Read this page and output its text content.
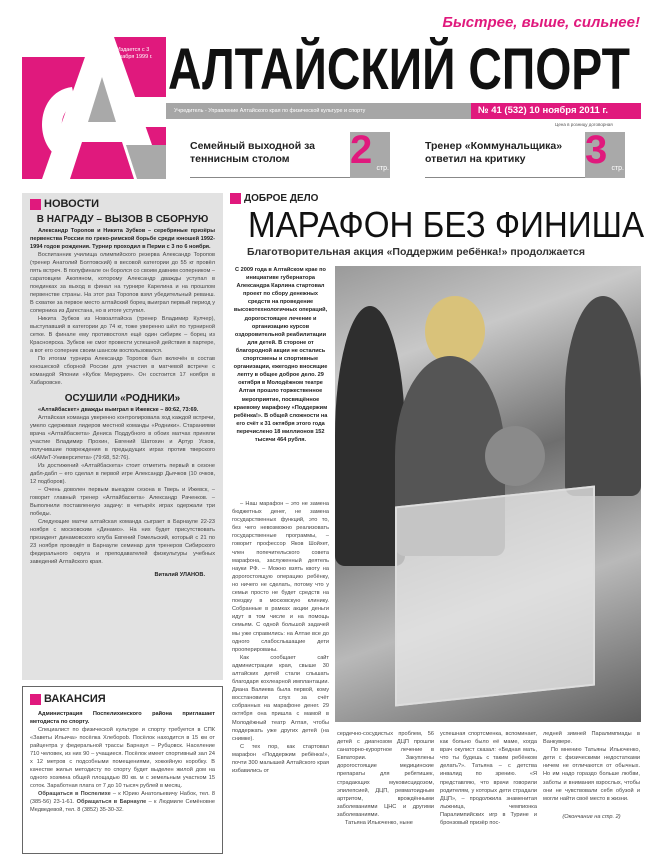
Быстрее, выше, сильнее!
Издается с 3 декабря 1999 г. АЛТАЙСКИЙ СПОРТ
Учредитель - Управление Алтайского края по физической культуре и спорту	№ 41 (532) 10 ноября 2011 г.
Цена в розницу договорная
Семейный выходной за теннисным столом	2 стр.
Тренер «Коммунальщика» ответил на критику	3 стр.
НОВОСТИ
В НАГРАДУ – ВЫЗОВ В СБОРНУЮ

Александр Торопов и Никита Зубков – серебряные призёры первенства России по греко-римской борьбе среди юношей 1992-1994 годов рождения. Турнир проходил в Перми с 3 по 6 ноября.

Воспитанник училища олимпийского резерва Александр Торопов (тренер Анатолий Болтовский) в весовой категории до 55 кг провёл пять встреч. В полуфинале он боролся со своим давним соперником – саратовцем Акопяном, которому Александр дважды уступал в поединках за выход в финал на турнире Карелина и на прошлом первенстве страны. На этот раз Торопов взял убедительный реванш. В схватке за первое место алтайский борец выиграл первый период у соперника из Дагестана, но в итоге уступил.

Никита Зубков из Новоалтайска (тренер Владимир Кулчер), выступавший в категории до 74 кг, тоже уверенно шёл по турнирной сетке. В финале ему противостоял ещё один сибиряк – борец из Красноярска. Зубков не смог провести успешной действия в партере, а вот его соперник своим шансом воспользовался.

По итогам турнира Александр Торопов был включён в состав юношеской сборной России для участия в матчевой встрече с командой Японии «Кубок Меркурия». Он состоится 17 ноября в Хабаровске.

ОСУШИЛИ «РОДНИКИ»

«Алтайбаскет» дважды выиграл в Ижевске – 80:62, 73:69.

Алтайская команда уверенно контролировала ход каждой встречи, умело сдерживая лидеров местной команды «Родники». Стараниями врача «Алтайбаскета» Дениса Поддубного в обоих матчах приняли участие Владимир Прохин, Евгений Шатохин и Артур Усков, получившие повреждения в предыдущих играх против тверского «КАМиТ-Университета» (79:68, 52:76).

Из достижений «Алтайбаскета» стоит отметить первый в сезоне дабл-дабл – его сделал в первой игре Александр Дьячков (10 очков, 12 подборов).

– Очень доволен первым выездом сезона в Тверь и Ижевск, – говорит главный тренер «Алтайбаскета» Александр Раченков. – Выполнили поставленную задачу: в четырёх играх одержали три победы.

Следующие матчи алтайская команда сыграет в Барнауле 22-23 ноября с московским «Динамо». На них будет присутствовать президент динамовского клуба Евгений Гомельский, который с 21 по 23 ноября проведёт в Барнауле семинар для тренеров Сибирского федерального округа и преподавателей физкультуры учебных заведений Алтайского края.

Виталий УЛАНОВ.
ВАКАНСИЯ

Администрация Поспелихинского района приглашает методиста по спорту.

Специалист по физической культуре и спорту требуется в СПК «Заветы Ильича» посёлка Хлеборob. Посёлок находится в 15 км от райцентра у федеральной трассы Барнаул – Рубцовск. Население 710 человек, из них 90 – учащиеся. Посёлок имеет спортивный зал 24 х 12 метров с подсобными помещениями, хоккейную коробку. В качестве жилья методисту по спорту будет выделен жилой дом на одного хозяина общей площадью 80 кв. м с земельным участком 15 соток. Заработная плата от 7 до 10 тысяч рублей в месяц.

Обращаться в Поспелихе – к Юрию Анатольевичу Набок, тел. 8 (385-56) 23-1-61. Обращаться в Барнауле – к Людмиле Семёновне Медведевой, тел. 8 (3852) 35-30-32.

ДОБРОЕ ДЕЛО
МАРАФОН БЕЗ ФИНИША
Благотворительная акция «Поддержим ребёнка!» продолжается
С 2009 года в Алтайском крае по инициативе губернатора Александра Карлина стартовал проект по сбору денежных средств на проведение высокотехнологичных операций, дорогостоящее лечение и организацию курсов оздоровительной реабилитации для детей. В стороне от благородной акции не остались спортсмены и спортивные организации, ежегодно вносящие лепту в общее доброе дело. 29 октября в Молодёжном театре Алтая прошло торжественное мероприятие, посвящённое краевому марафону «Поддержим ребёнка!». В общей сложности на его счёт к 31 октября этого года перечислено 18 миллионов 152 тысячи 464 рубля.

– Наш марафон – это не замена бюджетных денег, не замена государственных функций, это то, без чего невозможно реализовать государственные программы, – говорит профессор Яков Шойхет, член попечительского совета марафона, заслуженный деятель науки РФ. – Можно взять квоту на дорогостоящую операцию ребёнку, но ничего не сделать, потому что у семьи просто не будет средств на поездку в московскую клинику. Собранные в рамках акции деньги идут в том числе и на помощь семьям. С одной большой задачей мы уже справились: на Алтае все до одного слабослышащие дети прооперированы.

Как сообщает сайт администрации края, свыше 30 алтайских детей стали слышать благодаря кохлеарной имплантации. Диана Валиева была первой, кому восстановили слух за счёт собранных на марафоне денег. 29 октября она пришла с мамой в Молодёжный театр Алтая, чтобы поддержать уже других детей (на снимке).

С тех пор, как стартовал марафон «Поддержим ребёнка!», почти 300 малышей Алтайского края избавились от

сердечно-сосудистых проблем, 56 детей с диагнозом ДЦП прошли санаторно-курортное лечение в Евпатории. Закуплены дорогостоящие медицинские препараты для ребятишек, страдающих муковисцидозом, эпилепсией, ДЦП, ревматоидным артритом, врождёнными заболеваниями ЦНС и другими заболеваниями.

Татьяна Ильюченко, ныне

успешная спортсменка, вспоминает, как больно было её маме, когда врач окулист сказал: «Бедная мать, что ты будешь с таким ребёнком делать?». Татьяна – с детства инвалид по зрению. «Я представляю, что врачи говорили родителям, у которых дети страдали ДЦП», – продолжила знаменитая лыжница, чемпионка Паралимпийских игр в Турине и бронзовый призёр пос-

ледней зимней Паралимпиады в Ванкувере.

По мнению Татьяны Ильюченко, дети с физическими недостатками ничем не отличаются от обычных. Но им надо гораздо больше любви, заботы и внимания взрослых, чтобы они не чувствовали себя обузой и могли найти своё место в жизни.

(Окончание на стр. 2)
